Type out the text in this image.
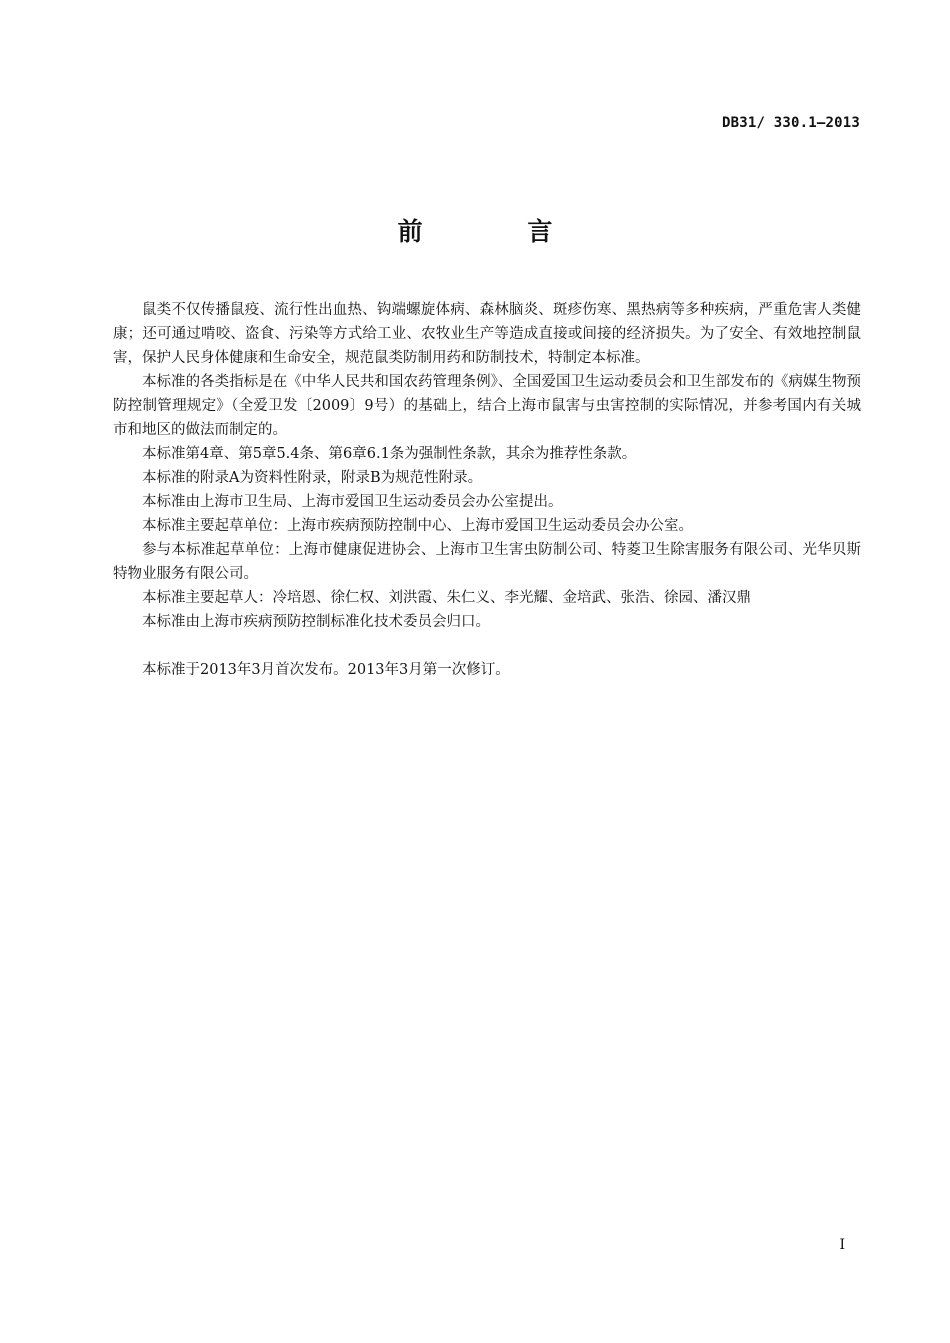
DB31/ 330.1—2013
前 言

鼠类不仅传播鼠疫、流行性出血热、钩端螺旋体病、森林脑炎、斑疹伤寒、黑热病等多种疾病，严重危害人类健康；还可通过啃咬、盗食、污染等方式给工业、农牧业生产等造成直接或间接的经济损失。为了安全、有效地控制鼠害，保护人民身体健康和生命安全，规范鼠类防制用药和防制技术，特制定本标准。

本标准的各类指标是在《中华人民共和国农药管理条例》、全国爱国卫生运动委员会和卫生部发布的《病媒生物预防控制管理规定》（全爱卫发〔2009〕9号）的基础上，结合上海市鼠害与虫害控制的实际情况，并参考国内有关城市和地区的做法而制定的。

本标准第4章、第5章5.4条、第6章6.1条为强制性条款，其余为推荐性条款。

本标准的附录A为资料性附录，附录B为规范性附录。

本标准由上海市卫生局、上海市爱国卫生运动委员会办公室提出。

本标准主要起草单位：上海市疾病预防控制中心、上海市爱国卫生运动委员会办公室。

参与本标准起草单位：上海市健康促进协会、上海市卫生害虫防制公司、特菱卫生除害服务有限公司、光华贝斯特物业服务有限公司。

本标准主要起草人：冷培恩、徐仁权、刘洪霞、朱仁义、李光耀、金培武、张浩、徐园、潘汉鼎

本标准由上海市疾病预防控制标准化技术委员会归口。

本标准于2013年3月首次发布。2013年3月第一次修订。

I
